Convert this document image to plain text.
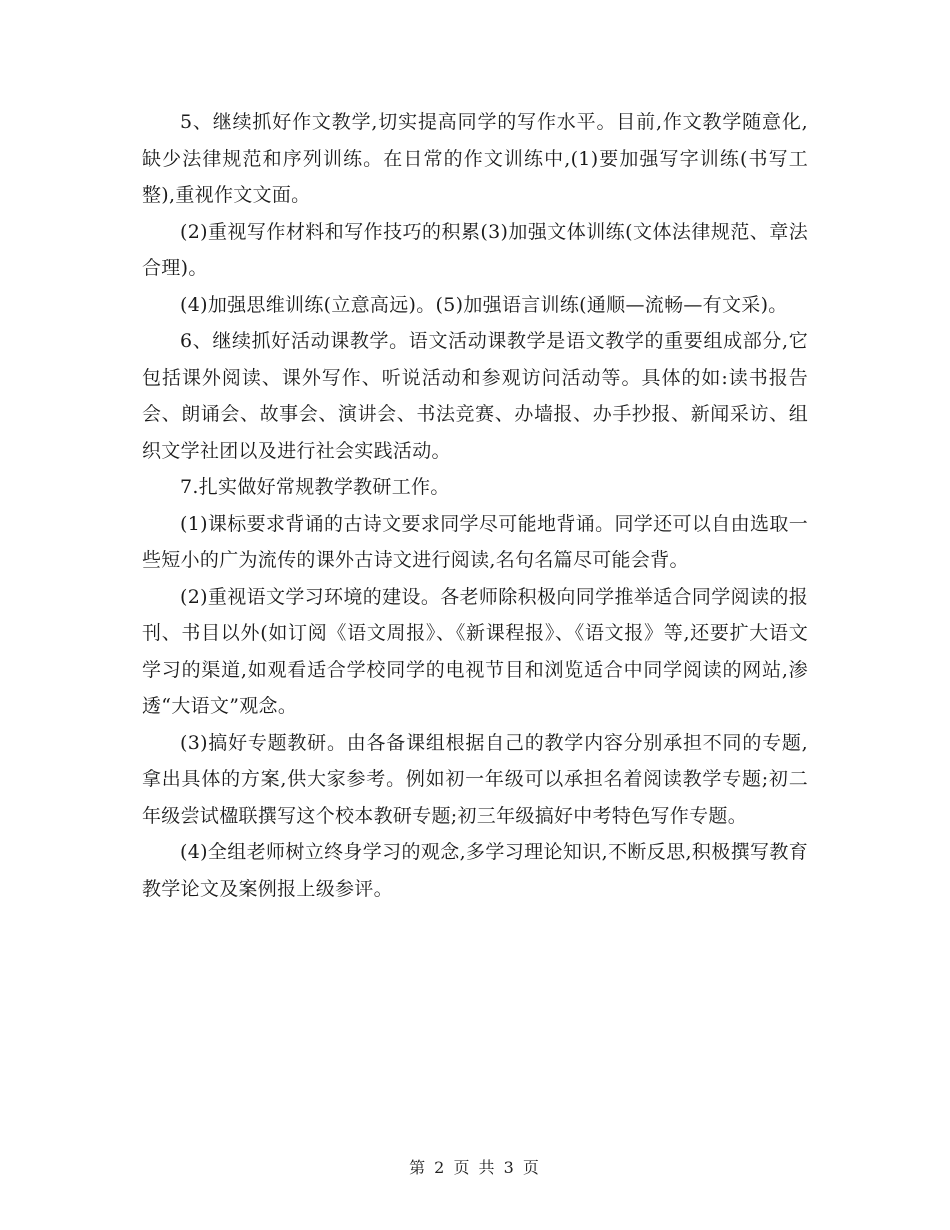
5、继续抓好作文教学,切实提高同学的写作水平。目前,作文教学随意化,缺少法律规范和序列训练。在日常的作文训练中,(1)要加强写字训练(书写工整),重视作文文面。

(2)重视写作材料和写作技巧的积累(3)加强文体训练(文体法律规范、章法合理)。

(4)加强思维训练(立意高远)。(5)加强语言训练(通顺—流畅—有文采)。

6、继续抓好活动课教学。语文活动课教学是语文教学的重要组成部分,它包括课外阅读、课外写作、听说活动和参观访问活动等。具体的如:读书报告会、朗诵会、故事会、演讲会、书法竞赛、办墙报、办手抄报、新闻采访、组织文学社团以及进行社会实践活动。

7.扎实做好常规教学教研工作。

(1)课标要求背诵的古诗文要求同学尽可能地背诵。同学还可以自由选取一些短小的广为流传的课外古诗文进行阅读,名句名篇尽可能会背。

(2)重视语文学习环境的建设。各老师除积极向同学推举适合同学阅读的报刊、书目以外(如订阅《语文周报》、《新课程报》、《语文报》等,还要扩大语文学习的渠道,如观看适合学校同学的电视节目和浏览适合中同学阅读的网站,渗透“大语文”观念。

(3)搞好专题教研。由各备课组根据自己的教学内容分别承担不同的专题,拿出具体的方案,供大家参考。例如初一年级可以承担名着阅读教学专题;初二年级尝试楹联撰写这个校本教研专题;初三年级搞好中考特色写作专题。

(4)全组老师树立终身学习的观念,多学习理论知识,不断反思,积极撰写教育教学论文及案例报上级参评。

第 2 页 共 3 页
